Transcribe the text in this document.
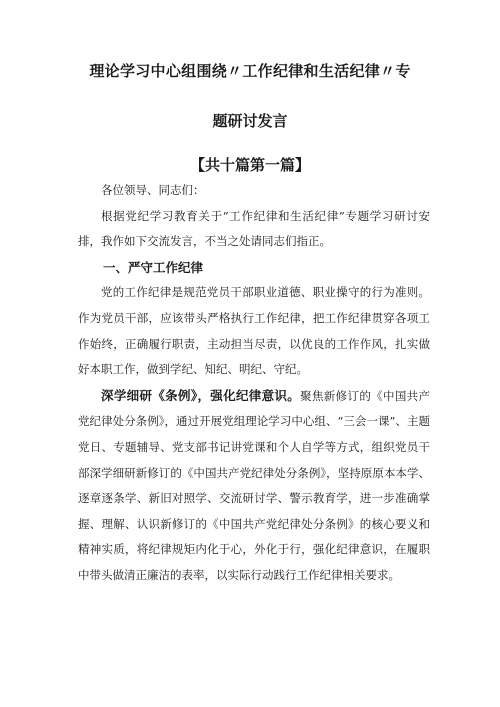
理论学习中心组围绕〃工作纪律和生活纪律〃专
题研讨发言
【共十篇第一篇】

各位领导、同志们：

根据党纪学习教育关于“工作纪律和生活纪律”专题学习研讨安排，我作如下交流发言，不当之处请同志们指正。

一、严守工作纪律

党的工作纪律是规范党员干部职业道德、职业操守的行为准则。作为党员干部，应该带头严格执行工作纪律，把工作纪律贯穿各项工作始终，正确履行职责，主动担当尽责，以优良的工作作风，扎实做好本职工作，做到学纪、知纪、明纪、守纪。

深学细研《条例》，强化纪律意识。聚焦新修订的《中国共产党纪律处分条例》，通过开展党组理论学习中心组、“三会一课”、主题党日、专题辅导、党支部书记讲党课和个人自学等方式，组织党员干部深学细研新修订的《中国共产党纪律处分条例》，坚持原原本本学、逐章逐条学、新旧对照学、交流研讨学、警示教育学，进一步准确掌握、理解、认识新修订的《中国共产党纪律处分条例》的核心要义和精神实质，将纪律规矩内化于心，外化于行，强化纪律意识，在履职中带头做清正廉洁的表率，以实际行动践行工作纪律相关要求。
